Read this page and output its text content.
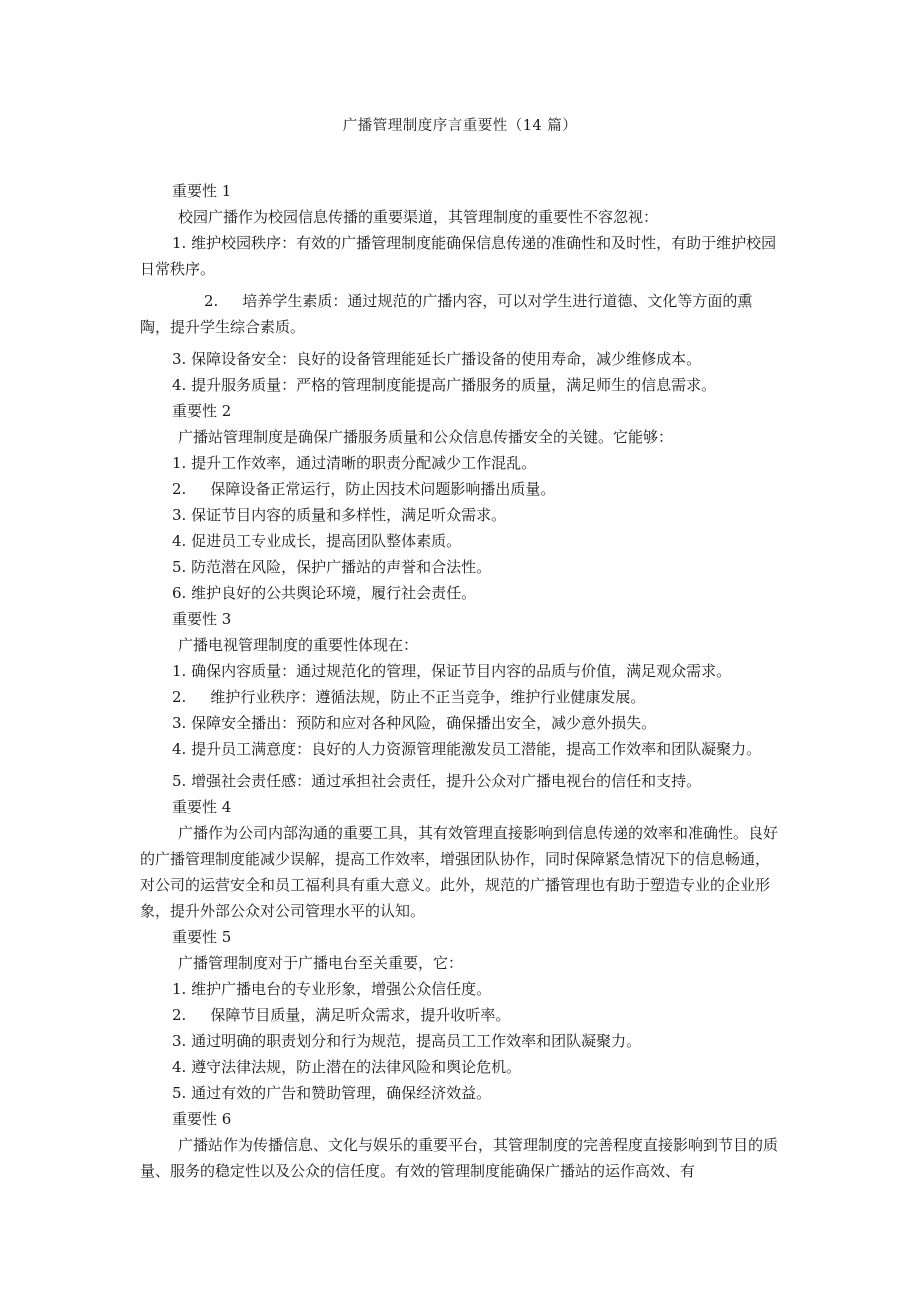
广播管理制度序言重要性（14 篇）

重要性 1

校园广播作为校园信息传播的重要渠道，其管理制度的重要性不容忽视：

1. 维护校园秩序：有效的广播管理制度能确保信息传递的准确性和及时性，有助于维护校园日常秩序。

2. 培养学生素质：通过规范的广播内容，可以对学生进行道德、文化等方面的熏陶，提升学生综合素质。

3. 保障设备安全：良好的设备管理能延长广播设备的使用寿命，减少维修成本。

4. 提升服务质量：严格的管理制度能提高广播服务的质量，满足师生的信息需求。

重要性 2

广播站管理制度是确保广播服务质量和公众信息传播安全的关键。它能够：

1. 提升工作效率，通过清晰的职责分配减少工作混乱。

2. 保障设备正常运行，防止因技术问题影响播出质量。

3. 保证节目内容的质量和多样性，满足听众需求。

4. 促进员工专业成长，提高团队整体素质。

5. 防范潜在风险，保护广播站的声誉和合法性。

6. 维护良好的公共舆论环境，履行社会责任。

重要性 3

广播电视管理制度的重要性体现在：

1. 确保内容质量：通过规范化的管理，保证节目内容的品质与价值，满足观众需求。

2. 维护行业秩序：遵循法规，防止不正当竞争，维护行业健康发展。

3. 保障安全播出：预防和应对各种风险，确保播出安全，减少意外损失。

4. 提升员工满意度：良好的人力资源管理能激发员工潜能，提高工作效率和团队凝聚力。

5. 增强社会责任感：通过承担社会责任，提升公众对广播电视台的信任和支持。

重要性 4

广播作为公司内部沟通的重要工具，其有效管理直接影响到信息传递的效率和准确性。良好的广播管理制度能减少误解，提高工作效率，增强团队协作，同时保障紧急情况下的信息畅通，对公司的运营安全和员工福利具有重大意义。此外，规范的广播管理也有助于塑造专业的企业形象，提升外部公众对公司管理水平的认知。

重要性 5

广播管理制度对于广播电台至关重要，它：

1. 维护广播电台的专业形象，增强公众信任度。

2. 保障节目质量，满足听众需求，提升收听率。

3. 通过明确的职责划分和行为规范，提高员工工作效率和团队凝聚力。

4. 遵守法律法规，防止潜在的法律风险和舆论危机。

5. 通过有效的广告和赞助管理，确保经济效益。

重要性 6

广播站作为传播信息、文化与娱乐的重要平台，其管理制度的完善程度直接影响到节目的质量、服务的稳定性以及公众的信任度。有效的管理制度能确保广播站的运作高效、有
